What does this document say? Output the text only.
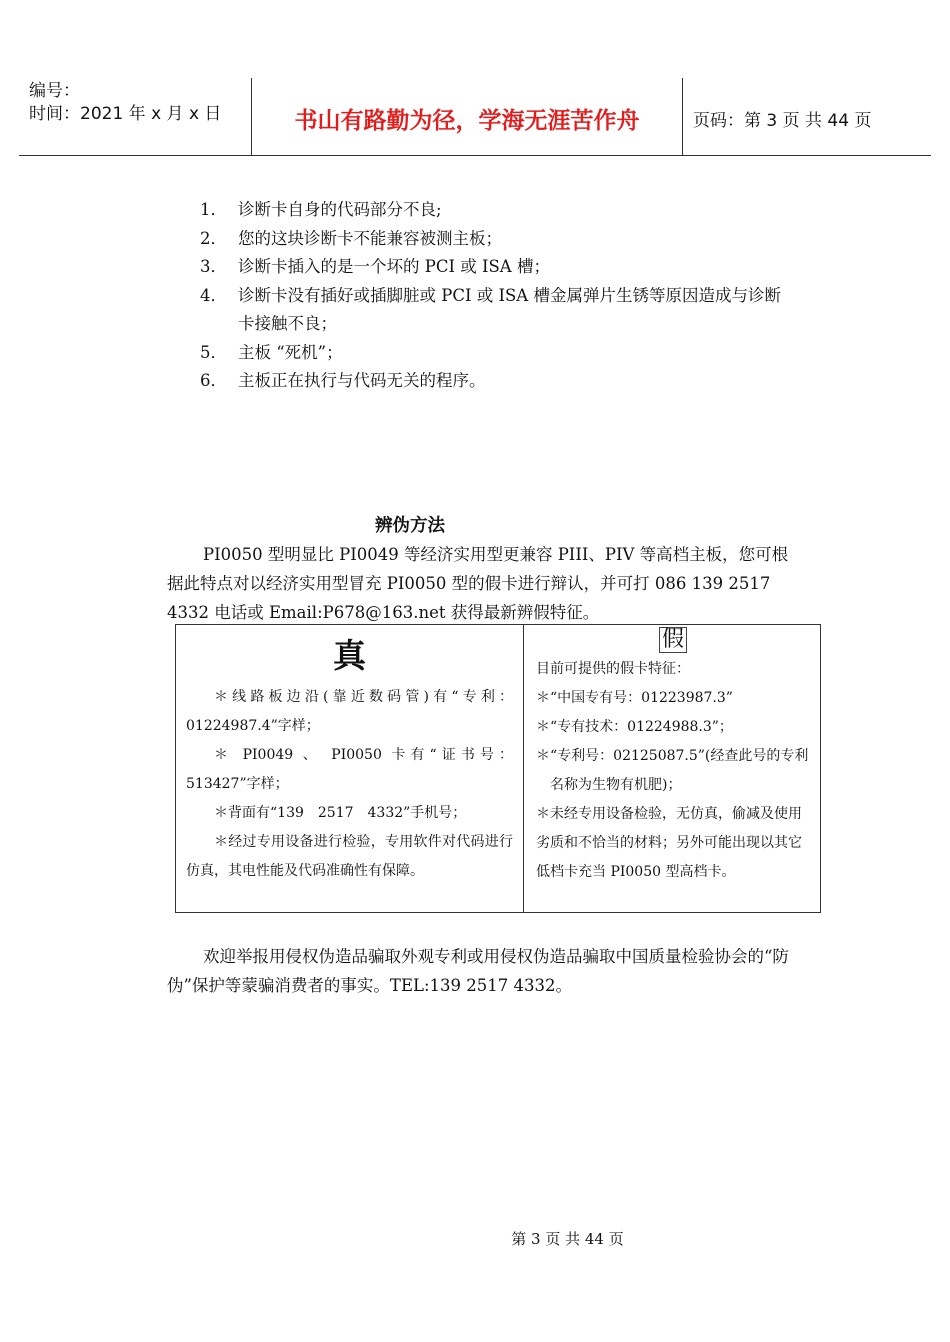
编号：
时间：2021 年 x 月 x 日	书山有路勤为径，学海无涯苦作舟	页码：第 3 页 共 44 页
1． 诊断卡自身的代码部分不良;
2． 您的这块诊断卡不能兼容被测主板；
3． 诊断卡插入的是一个坏的 PCI 或 ISA 槽；
4． 诊断卡没有插好或插脚脏或 PCI 或 ISA 槽金属弹片生锈等原因造成与诊断卡接触不良；
5． 主板 “死机”；
6． 主板正在执行与代码无关的程序。
辨伪方法

PI0050 型明显比 PI0049 等经济实用型更兼容 PIII、PIV 等高档主板，您可根据此特点对以经济实用型冒充 PI0050 型的假卡进行辩认，并可打 086 139 2517 4332 电话或 Email:P678@163.net 获得最新辨假特征。

真

＊线路板边沿(靠近数码管)有“专利：01224987.4”字样；

＊ PI0049 、 PI0050 卡有“证书号：513427”字样；

＊背面有“139　2517　4332”手机号；

＊经过专用设备进行检验，专用软件对代码进行仿真，其电性能及代码准确性有保障。

假

目前可提供的假卡特征：

＊“中国专有号：01223987.3”

＊“专有技术：01224988.3”；

＊“专利号：02125087.5”(经查此号的专利名称为生物有机肥)；

＊未经专用设备检验，无仿真，偷减及使用劣质和不恰当的材料；另外可能出现以其它低档卡充当 PI0050 型高档卡。

欢迎举报用侵权伪造品骗取外观专利或用侵权伪造品骗取中国质量检验协会的“防伪”保护等蒙骗消费者的事实。TEL:139 2517 4332。

第 3 页 共 44 页
